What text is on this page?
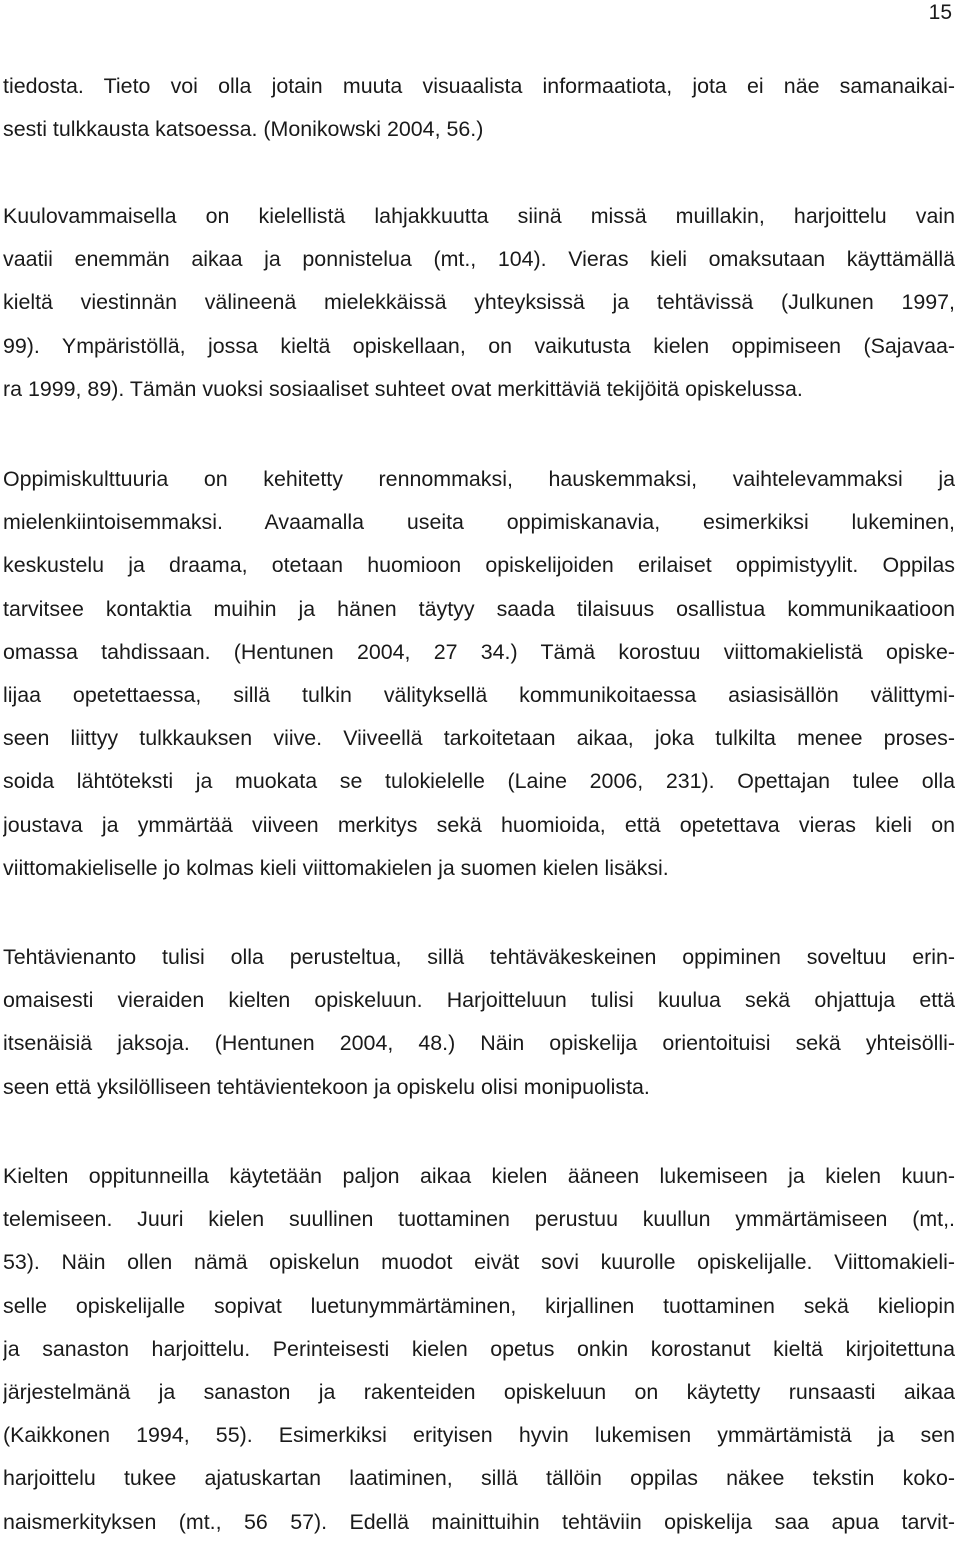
15
tiedosta. Tieto voi olla jotain muuta visuaalista informaatiota, jota ei näe samanaikai-
sesti tulkkausta katsoessa. (Monikowski 2004, 56.)
Kuulovammaisella on kielellistä lahjakkuutta siinä missä muillakin, harjoittelu vain
vaatii enemmän aikaa ja ponnistelua (mt., 104). Vieras kieli omaksutaan käyttämällä
kieltä viestinnän välineenä mielekkäissä yhteyksissä ja tehtävissä (Julkunen 1997,
99). Ympäristöllä, jossa kieltä opiskellaan, on vaikutusta kielen oppimiseen (Sajavaa-
ra 1999, 89). Tämän vuoksi sosiaaliset suhteet ovat merkittäviä tekijöitä opiskelussa.
Oppimiskulttuuria on kehitetty rennommaksi, hauskemmaksi, vaihtelevammaksi ja
mielenkiintoisemmaksi. Avaamalla useita oppimiskanavia, esimerkiksi lukeminen,
keskustelu ja draama, otetaan huomioon opiskelijoiden erilaiset oppimistyylit. Oppilas
tarvitsee kontaktia muihin ja hänen täytyy saada tilaisuus osallistua kommunikaatioon
omassa tahdissaan. (Hentunen 2004, 27 34.) Tämä korostuu viittomakielistä opiske-
lijaa opetettaessa, sillä tulkin välityksellä kommunikoitaessa asiasisällön välittymi-
seen liittyy tulkkauksen viive. Viiveellä tarkoitetaan aikaa, joka tulkilta menee proses-
soida lähtöteksti ja muokata se tulokielelle (Laine 2006, 231). Opettajan tulee olla
joustava ja ymmärtää viiveen merkitys sekä huomioida, että opetettava vieras kieli on
viittomakieliselle jo kolmas kieli viittomakielen ja suomen kielen lisäksi.
Tehtävienanto tulisi olla perusteltua, sillä tehtäväkeskeinen oppiminen soveltuu erin-
omaisesti vieraiden kielten opiskeluun. Harjoitteluun tulisi kuulua sekä ohjattuja että
itsenäisiä jaksoja. (Hentunen 2004, 48.) Näin opiskelija orientoituisi sekä yhteisölli-
seen että yksilölliseen tehtävientekoon ja opiskelu olisi monipuolista.
Kielten oppitunneilla käytetään paljon aikaa kielen ääneen lukemiseen ja kielen kuun-
telemiseen. Juuri kielen suullinen tuottaminen perustuu kuullun ymmärtämiseen (mt,.
53). Näin ollen nämä opiskelun muodot eivät sovi kuurolle opiskelijalle. Viittomakieli-
selle opiskelijalle sopivat luetunymmärtäminen, kirjallinen tuottaminen sekä kieliopin
ja sanaston harjoittelu. Perinteisesti kielen opetus onkin korostanut kieltä kirjoitettuna
järjestelmänä ja sanaston ja rakenteiden opiskeluun on käytetty runsaasti aikaa
(Kaikkonen 1994, 55). Esimerkiksi erityisen hyvin lukemisen ymmärtämistä ja sen
harjoittelu tukee ajatuskartan laatiminen, sillä tällöin oppilas näkee tekstin koko-
naismerkityksen (mt., 56 57). Edellä mainittuihin tehtäviin opiskelija saa apua tarvit-
